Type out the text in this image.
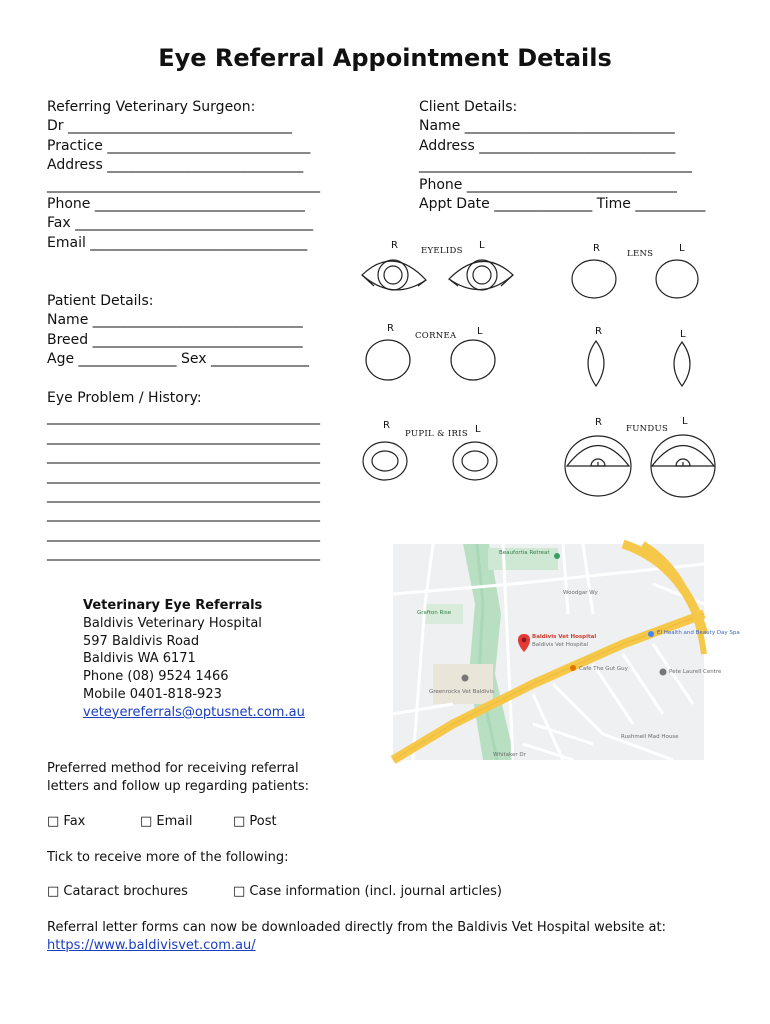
Eye Referral Appointment Details
Referring Veterinary Surgeon:
Dr ________________________________
Practice _____________________________
Address ____________________________
_______________________________________
Phone ______________________________
Fax __________________________________
Email _______________________________
Client Details:
Name ______________________________
Address ____________________________
_______________________________________
Phone ______________________________
Appt Date ______________ Time __________
Patient Details:
Name ______________________________
Breed ______________________________
Age ______________ Sex ______________
Eye Problem / History:
_______________________________________
_______________________________________
_______________________________________
_______________________________________
_______________________________________
_______________________________________
_______________________________________
_______________________________________
R	EYELIDS L	R	LENS	L
R
CORNEA L	R	L
R
PUPIL & IRIS L
R
FUNDUS
L
Baldivis Vet Hospital
Baldivis Vet Hospital
Beaufortia Retreat
Grafton Rise
Greenrocks Vet Baldivis
Cafe The Gut Guy
El Health and Beauty Day Spa
Pete Laurell Centre
Rushmell Mad House
Woodgar Wy
Whitaker Dr
Veterinary Eye Referrals
Baldivis Veterinary Hospital
597 Baldivis Road
Baldivis WA 6171
Phone (08) 9524 1466
Mobile 0401-818-923
veteyereferrals@optusnet.com.au
Preferred method for receiving referral
letters and follow up regarding patients:
□ Fax	□ Email	□ Post
Tick to receive more of the following:
□ Cataract brochures	□ Case information (incl. journal articles)
Referral letter forms can now be downloaded directly from the Baldivis Vet Hospital website at:
https://www.baldivisvet.com.au/
